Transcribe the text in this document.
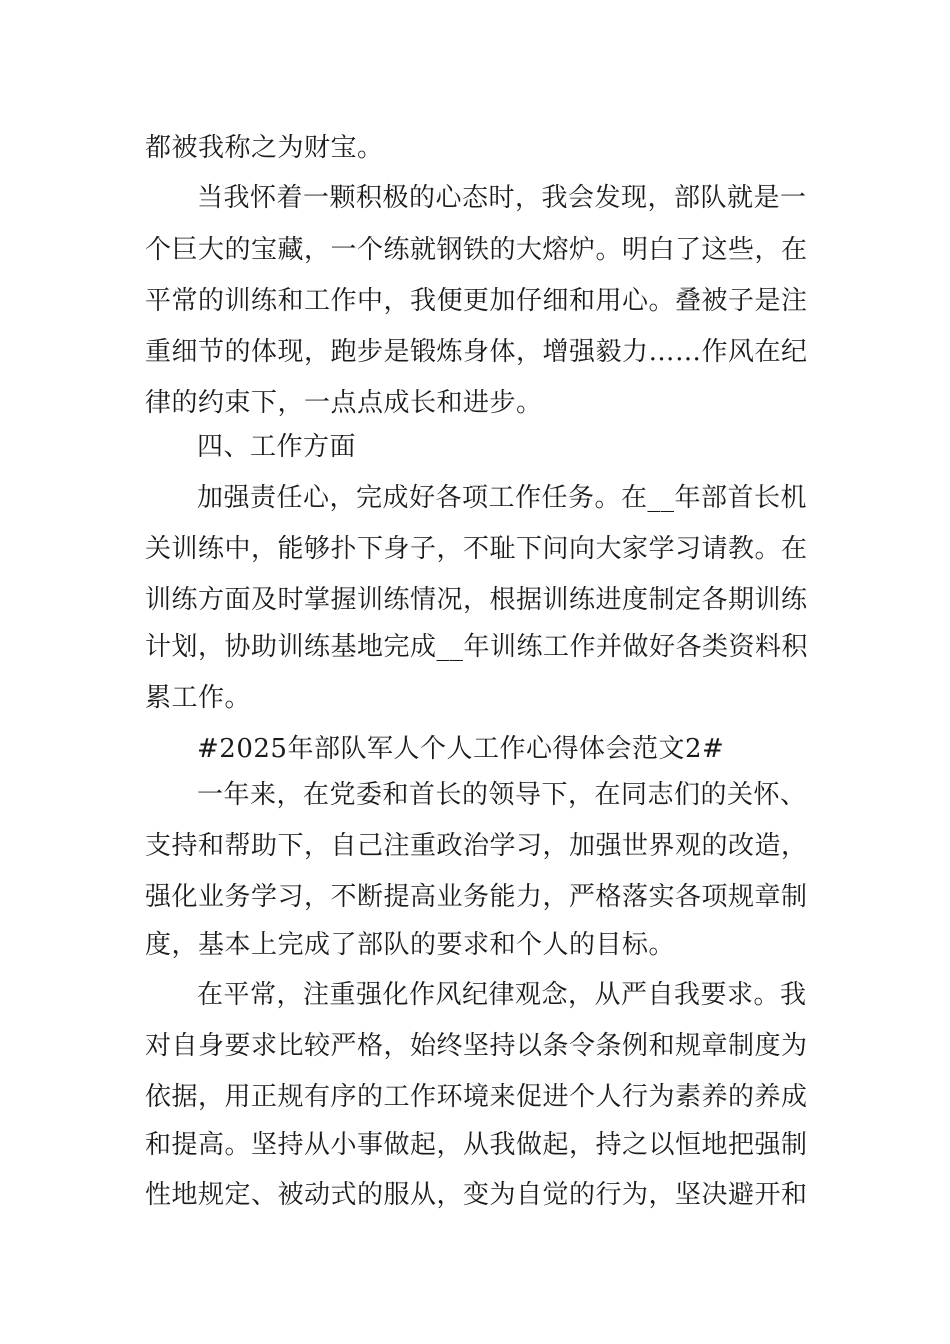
都被我称之为财宝。
当我怀着一颗积极的心态时，我会发现，部队就是一
个巨大的宝藏，一个练就钢铁的大熔炉。明白了这些，在
平常的训练和工作中，我便更加仔细和用心。叠被子是注
重细节的体现，跑步是锻炼身体，增强毅力……作风在纪
律的约束下，一点点成长和进步。
四、工作方面
加强责任心，完成好各项工作任务。在__年部首长机
关训练中，能够扑下身子，不耻下问向大家学习请教。在
训练方面及时掌握训练情况，根据训练进度制定各期训练
计划，协助训练基地完成__年训练工作并做好各类资料积
累工作。
#2025年部队军人个人工作心得体会范文2#
一年来，在党委和首长的领导下，在同志们的关怀、
支持和帮助下，自己注重政治学习，加强世界观的改造，
强化业务学习，不断提高业务能力，严格落实各项规章制
度，基本上完成了部队的要求和个人的目标。
在平常，注重强化作风纪律观念，从严自我要求。我
对自身要求比较严格，始终坚持以条令条例和规章制度为
依据，用正规有序的工作环境来促进个人行为素养的养成
和提高。坚持从小事做起，从我做起，持之以恒地把强制
性地规定、被动式的服从，变为自觉的行为，坚决避开和
